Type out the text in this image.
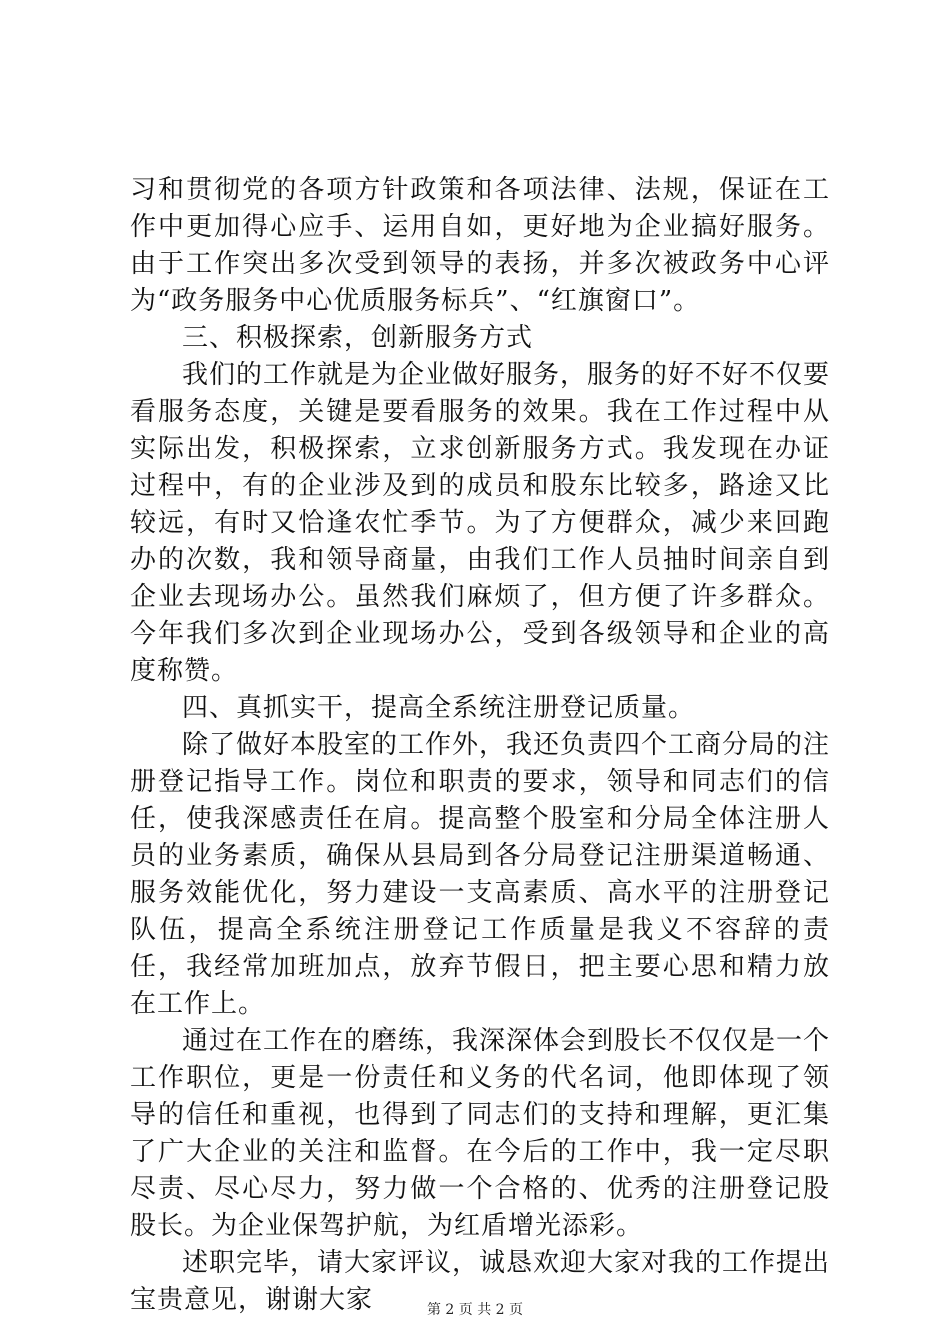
习和贯彻党的各项方针政策和各项法律、法规，保证在工作中更加得心应手、运用自如，更好地为企业搞好服务。由于工作突出多次受到领导的表扬，并多次被政务中心评为“政务服务中心优质服务标兵”、“红旗窗口”。

三、积极探索，创新服务方式

我们的工作就是为企业做好服务，服务的好不好不仅要看服务态度，关键是要看服务的效果。我在工作过程中从实际出发，积极探索，立求创新服务方式。我发现在办证过程中，有的企业涉及到的成员和股东比较多，路途又比较远，有时又恰逢农忙季节。为了方便群众，减少来回跑办的次数，我和领导商量，由我们工作人员抽时间亲自到企业去现场办公。虽然我们麻烦了，但方便了许多群众。今年我们多次到企业现场办公，受到各级领导和企业的高度称赞。

四、真抓实干，提高全系统注册登记质量。

除了做好本股室的工作外，我还负责四个工商分局的注册登记指导工作。岗位和职责的要求，领导和同志们的信任，使我深感责任在肩。提高整个股室和分局全体注册人员的业务素质，确保从县局到各分局登记注册渠道畅通、服务效能优化，努力建设一支高素质、高水平的注册登记队伍，提高全系统注册登记工作质量是我义不容辞的责任，我经常加班加点，放弃节假日，把主要心思和精力放在工作上。

通过在工作在的磨练，我深深体会到股长不仅仅是一个工作职位，更是一份责任和义务的代名词，他即体现了领导的信任和重视，也得到了同志们的支持和理解，更汇集了广大企业的关注和监督。在今后的工作中，我一定尽职尽责、尽心尽力，努力做一个合格的、优秀的注册登记股股长。为企业保驾护航，为红盾增光添彩。

述职完毕，请大家评议，诚恳欢迎大家对我的工作提出宝贵意见，谢谢大家	第 2 页 共 2 页
